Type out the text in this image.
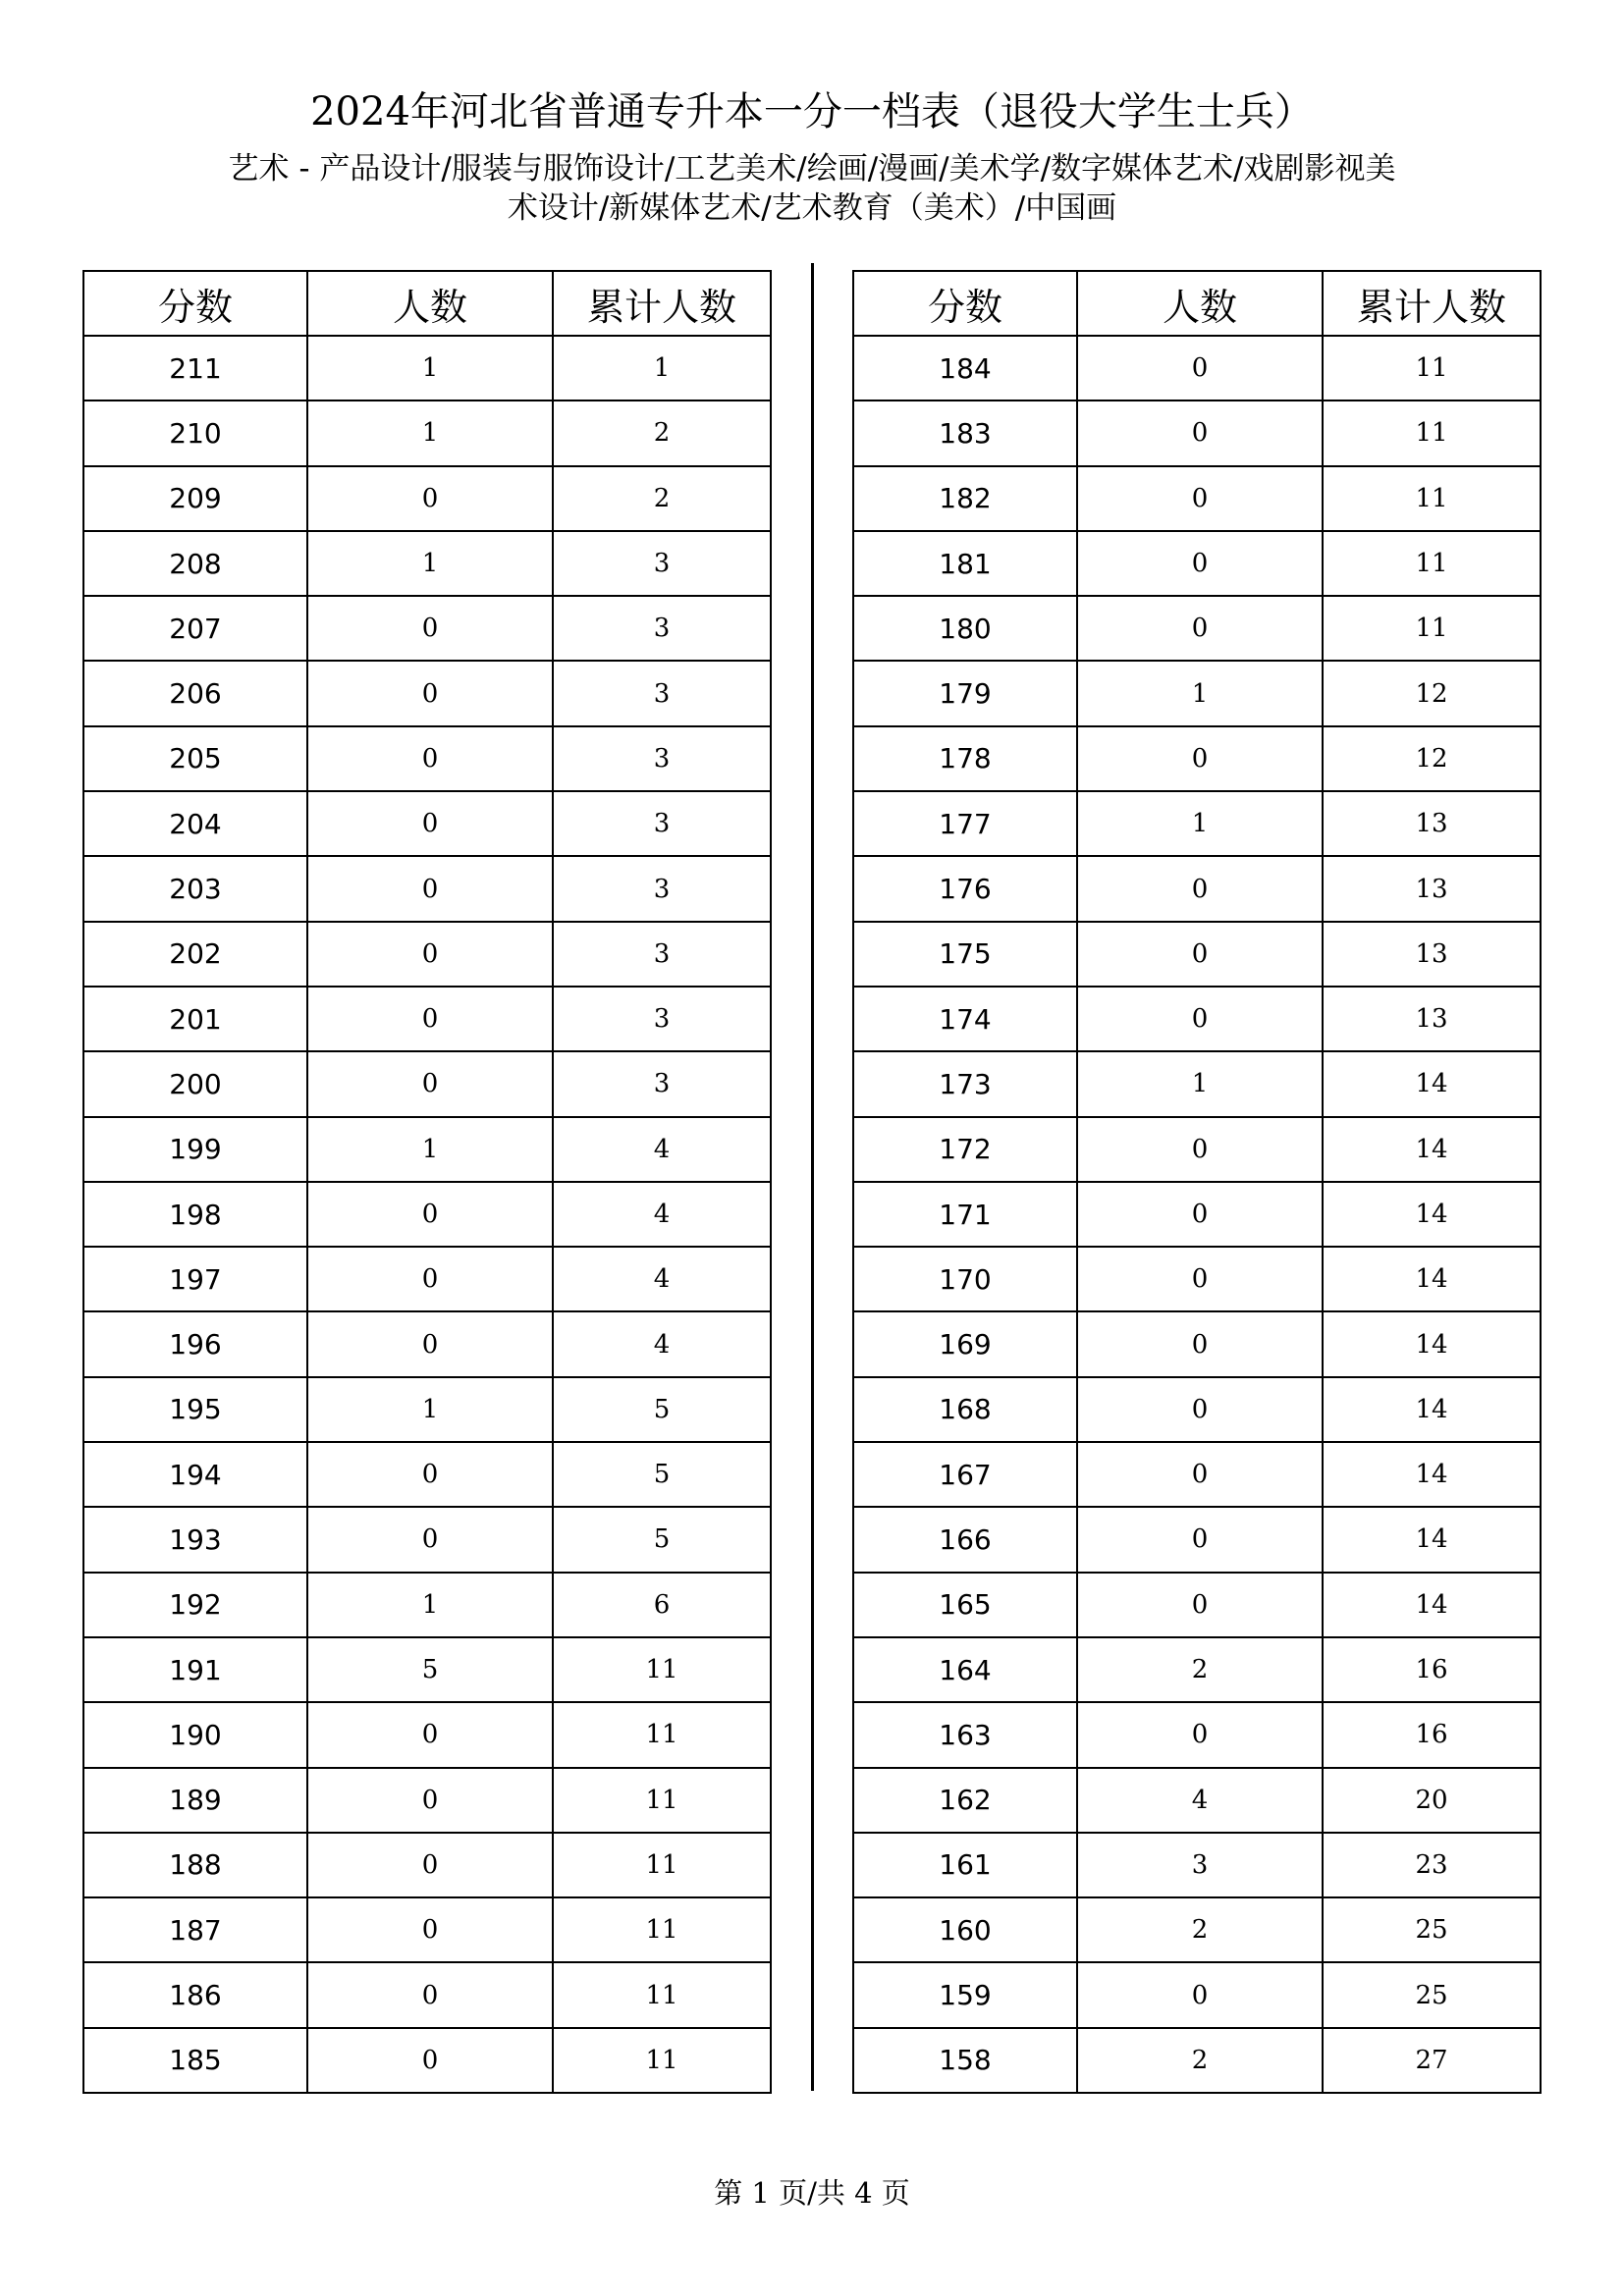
2024年河北省普通专升本一分一档表（退役大学生士兵）
艺术 - 产品设计/服装与服饰设计/工艺美术/绘画/漫画/美术学/数字媒体艺术/戏剧影视美
术设计/新媒体艺术/艺术教育（美术）/中国画
分数	人数	累计人数
211	1	1
210	1	2
209	0	2
208	1	3
207	0	3
206	0	3
205	0	3
204	0	3
203	0	3
202	0	3
201	0	3
200	0	3
199	1	4
198	0	4
197	0	4
196	0	4
195	1	5
194	0	5
193	0	5
192	1	6
191	5	11
190	0	11
189	0	11
188	0	11
187	0	11
186	0	11
185	0	11
分数	人数	累计人数
184	0	11
183	0	11
182	0	11
181	0	11
180	0	11
179	1	12
178	0	12
177	1	13
176	0	13
175	0	13
174	0	13
173	1	14
172	0	14
171	0	14
170	0	14
169	0	14
168	0	14
167	0	14
166	0	14
165	0	14
164	2	16
163	0	16
162	4	20
161	3	23
160	2	25
159	0	25
158	2	27
第 1 页/共 4 页
